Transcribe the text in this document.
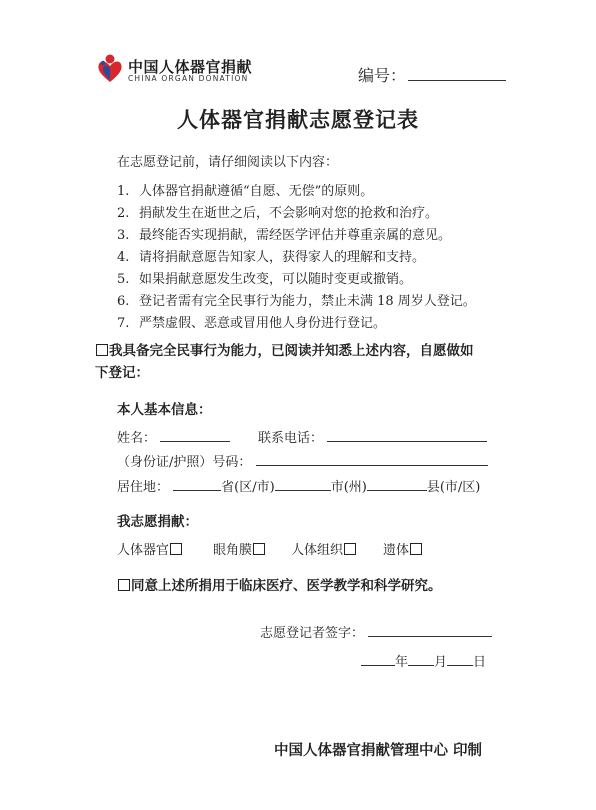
中国人体器官捐献
CHINA ORGAN DONATION	编号：
人体器官捐献志愿登记表
在志愿登记前，请仔细阅读以下内容：
1. 人体器官捐献遵循“自愿、无偿”的原则。
2. 捐献发生在逝世之后，不会影响对您的抢救和治疗。
3. 最终能否实现捐献，需经医学评估并尊重亲属的意见。
4. 请将捐献意愿告知家人，获得家人的理解和支持。
5. 如果捐献意愿发生改变，可以随时变更或撤销。
6. 登记者需有完全民事行为能力，禁止未满 18 周岁人登记。
7. 严禁虚假、恶意或冒用他人身份进行登记。
我具备完全民事行为能力，已阅读并知悉上述内容，自愿做如
下登记：
本人基本信息：
姓名：	联系电话：
（身份证/护照）号码：
居住地：	省(区/市)	市(州)	县(市/区)
我志愿捐献：
人体器官	眼角膜	人体组织	遗体
同意上述所捐用于临床医疗、医学教学和科学研究。
志愿登记者签字：
年 月 日
中国人体器官捐献管理中心 印制
